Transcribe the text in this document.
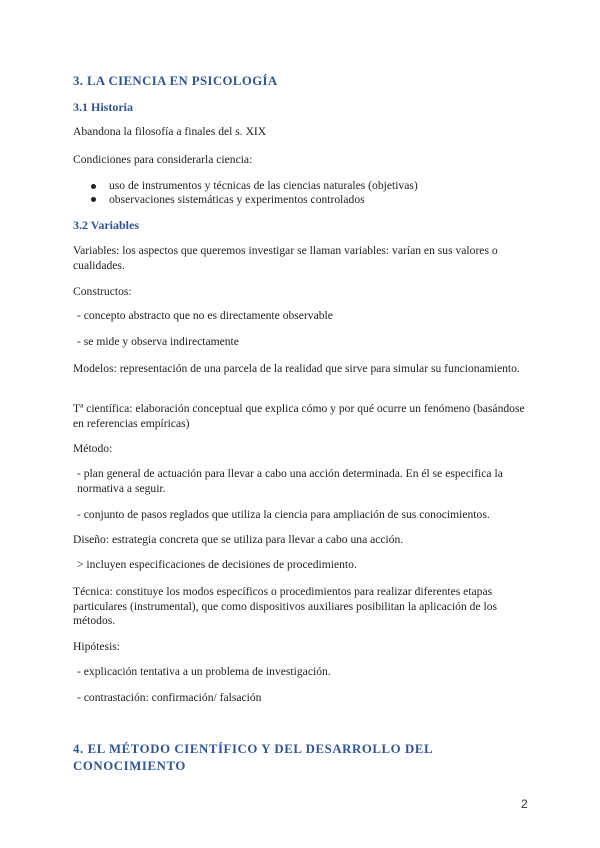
3. LA CIENCIA EN PSICOLOGÍA
3.1 Historia

Abandona la filosofía a finales del s. XIX

Condiciones para considerarla ciencia:

uso de instrumentos y técnicas de las ciencias naturales (objetivas)
observaciones sistemáticas y experimentos controlados
3.2 Variables

Variables: los aspectos que queremos investigar se llaman variables: varían en sus valores o cualidades.

Constructos:

- concepto abstracto que no es directamente observable

- se mide y observa indirectamente

Modelos: representación de una parcela de la realidad que sirve para simular su funcionamiento.

Tª científica: elaboración conceptual que explica cómo y por qué ocurre un fenómeno (basándose en referencias empíricas)

Método:

- plan general de actuación para llevar a cabo una acción determinada. En él se especifica la normativa a seguir.

- conjunto de pasos reglados que utiliza la ciencia para ampliación de sus conocimientos.

Diseño: estrategia concreta que se utiliza para llevar a cabo una acción.

> incluyen especificaciones de decisiones de procedimiento.

Técnica: constituye los modos específicos o procedimientos para realizar diferentes etapas particulares (instrumental), que como dispositivos auxiliares posibilitan la aplicación de los métodos.

Hipótesis:

- explicación tentativa a un problema de investigación.

- contrastación: confirmación/ falsación

4. EL MÉTODO CIENTÍFICO Y DEL DESARROLLO DEL CONOCIMIENTO
2
